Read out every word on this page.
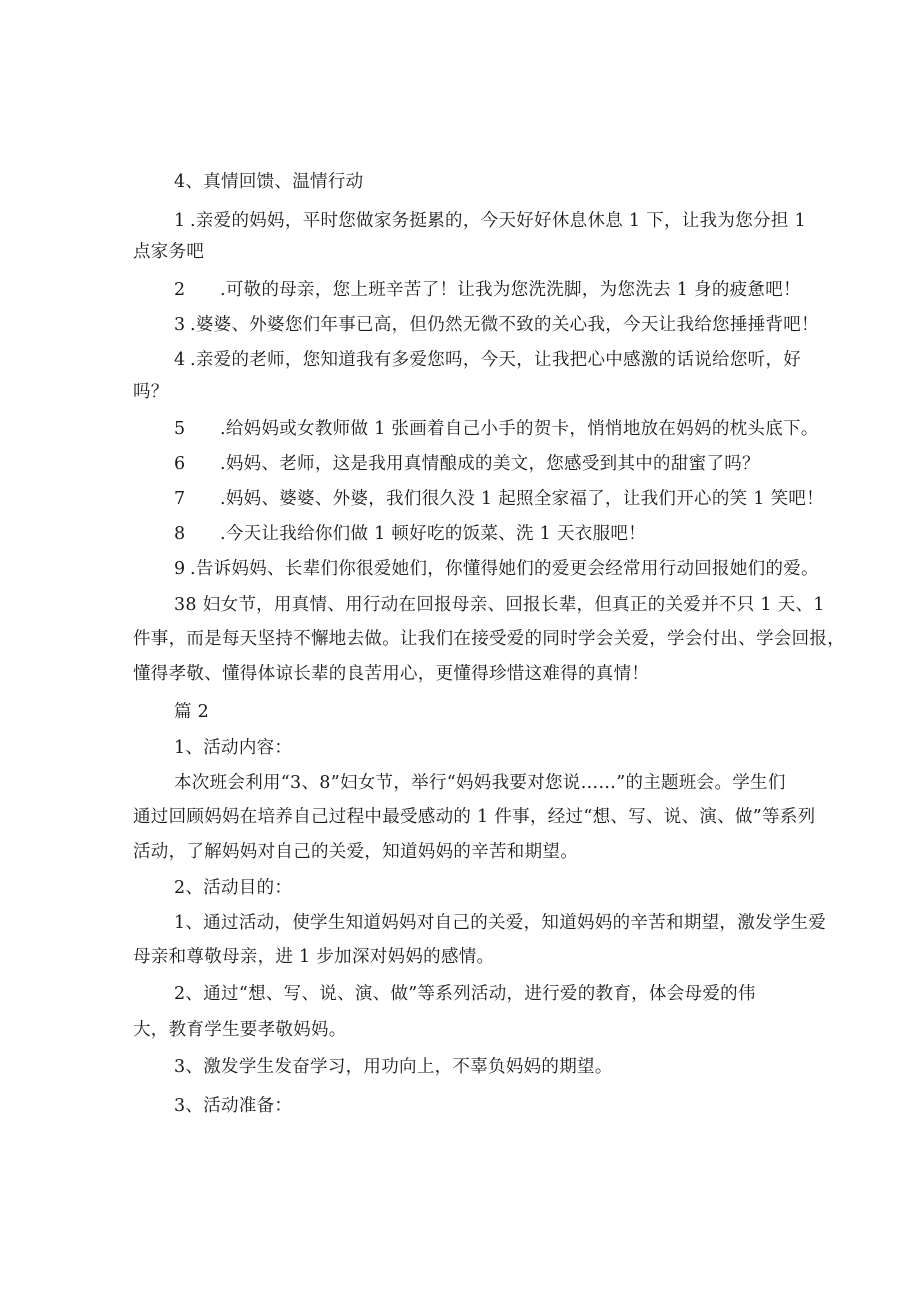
4、真情回馈、温情行动
1 .亲爱的妈妈，平时您做家务挺累的，今天好好休息休息 1 下，让我为您分担 1
点家务吧
2 .可敬的母亲，您上班辛苦了！让我为您洗洗脚，为您洗去 1 身的疲惫吧！
3 .婆婆、外婆您们年事已高，但仍然无微不致的关心我，今天让我给您捶捶背吧！
4 .亲爱的老师，您知道我有多爱您吗，今天，让我把心中感激的话说给您听，好
吗？
5 .给妈妈或女教师做 1 张画着自己小手的贺卡，悄悄地放在妈妈的枕头底下。
6 .妈妈、老师，这是我用真情酿成的美文，您感受到其中的甜蜜了吗？
7 .妈妈、婆婆、外婆，我们很久没 1 起照全家福了，让我们开心的笑 1 笑吧！
8 .今天让我给你们做 1 顿好吃的饭菜、洗 1 天衣服吧！
9 .告诉妈妈、长辈们你很爱她们，你懂得她们的爱更会经常用行动回报她们的爱。
38 妇女节，用真情、用行动在回报母亲、回报长辈，但真正的关爱并不只 1 天、1
件事，而是每天坚持不懈地去做。让我们在接受爱的同时学会关爱，学会付出、学会回报，
懂得孝敬、懂得体谅长辈的良苦用心，更懂得珍惜这难得的真情！
篇 2
1、活动内容：
本次班会利用“3、8”妇女节，举行“妈妈我要对您说……”的主题班会。学生们
通过回顾妈妈在培养自己过程中最受感动的 1 件事，经过“想、写、说、演、做”等系列
活动，了解妈妈对自己的关爱，知道妈妈的辛苦和期望。
2、活动目的：
1、通过活动，使学生知道妈妈对自己的关爱，知道妈妈的辛苦和期望，激发学生爱
母亲和尊敬母亲，进 1 步加深对妈妈的感情。
2、通过“想、写、说、演、做”等系列活动，进行爱的教育，体会母爱的伟
大，教育学生要孝敬妈妈。
3、激发学生发奋学习，用功向上，不辜负妈妈的期望。
3、活动准备：
